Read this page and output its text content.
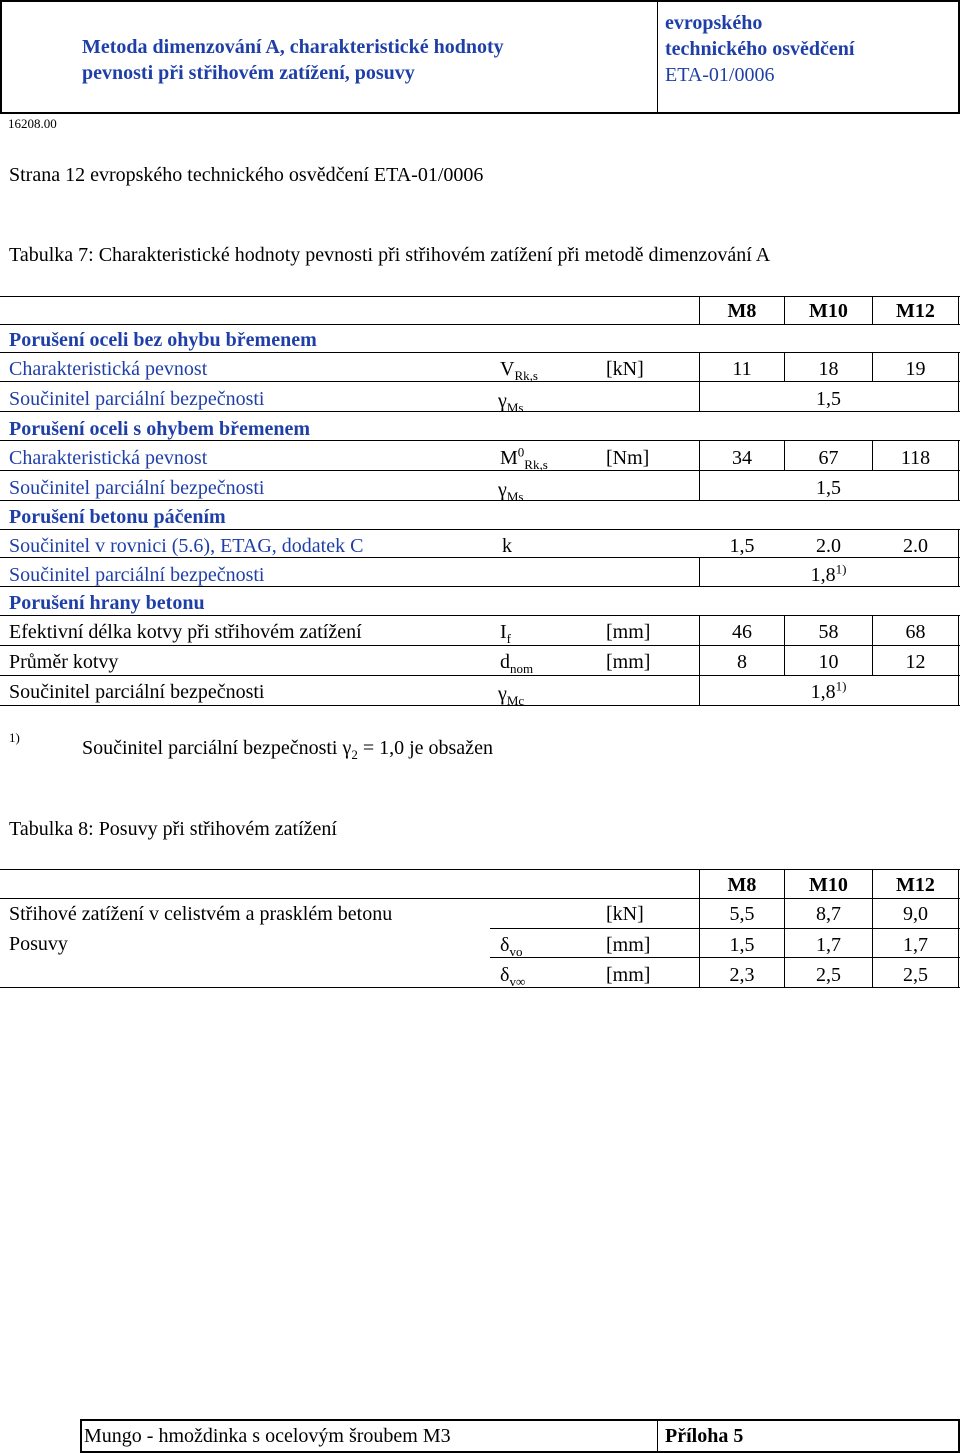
Metoda dimenzování A, charakteristické hodnoty
pevnosti při střihovém zatížení, posuvy
evropského
technického osvědčení
ETA-01/0006
16208.00
Strana 12 evropského technického osvědčení ETA-01/0006
Tabulka 7: Charakteristické hodnoty pevnosti při střihovém zatížení při metodě dimenzování A
M8	M10	M12
Porušení oceli bez ohybu břemenem
Charakteristická pevnost	$V_{Rk,s}$	[kN]	11	18	19
Součinitel parciální bezpečnosti	$\gamma_{Ms}$	1,5
Porušení oceli s ohybem břemenem
Charakteristická pevnost	$M^0_{Rk,s}$	[Nm]	34	67	118
Součinitel parciální bezpečnosti	$\gamma_{Ms}$	1,5
Porušení betonu páčením
Součinitel v rovnici (5.6), ETAG, dodatek C	k	1,5	2.0	2.0
Součinitel parciální bezpečnosti	1,8$^{1)}$
Porušení hrany betonu
Efektivní délka kotvy při střihovém zatížení	$I_f$	[mm]	46	58	68
Průměr kotvy	$d_{nom}$	[mm]	8	10	12
Součinitel parciální bezpečnosti	$\gamma_{Mc}$	1,8$^{1)}$
1)	Součinitel parciální bezpečnosti $\gamma_2 = 1,0$ je obsažen
Tabulka 8: Posuvy při střihovém zatížení
M8	M10	M12
Střihové zatížení v celistvém a prasklém betonu	[kN]	5,5	8,7	9,0
Posuvy	$\delta_{vo}$	[mm]	1,5	1,7	1,7
$\delta_{v\infty}$	[mm]	2,3	2,5	2,5
Mungo - hmoždinka s ocelovým šroubem M3	Příloha 5
